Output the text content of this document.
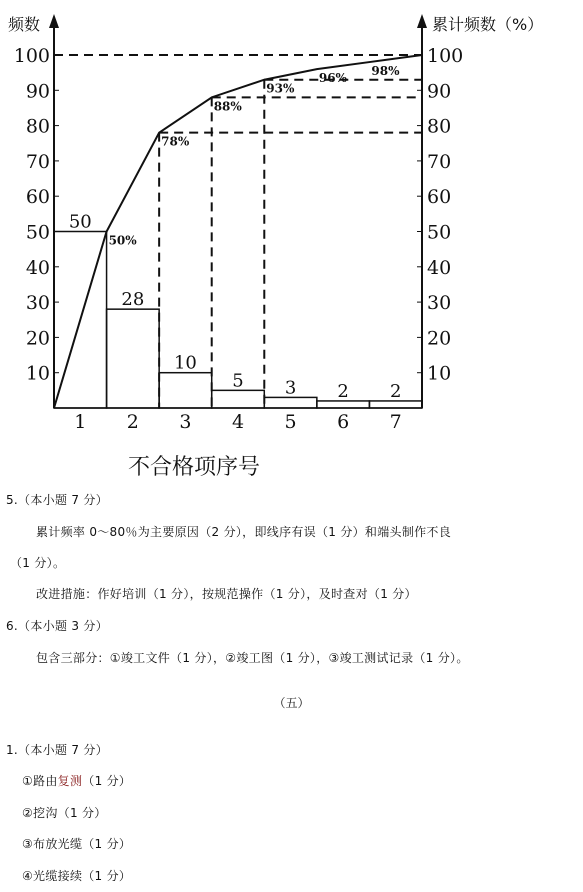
频数	累计频数（%）
50
28
10
5 3 2 2
10
20
30
40
50
60
70
80
90
100
10
20
30
40
50
60
70
80
90
100
50%
78%
88%
93%
96%
98%
1 2 3 4 5 6 7
不合格项序号
5.（本小题 7 分）
累计频率 0～80％为主要原因（2 分），即线序有误（1 分）和端头制作不良
（1 分）。
改进措施：作好培训（1 分），按规范操作（1 分），及时查对（1 分）
6.（本小题 3 分）
包含三部分：①竣工文件（1 分），②竣工图（1 分），③竣工测试记录（1 分）。
（五）
1.（本小题 7 分）
①路由复测（1 分）
②挖沟（1 分）
③布放光缆（1 分）
④光缆接续（1 分）
